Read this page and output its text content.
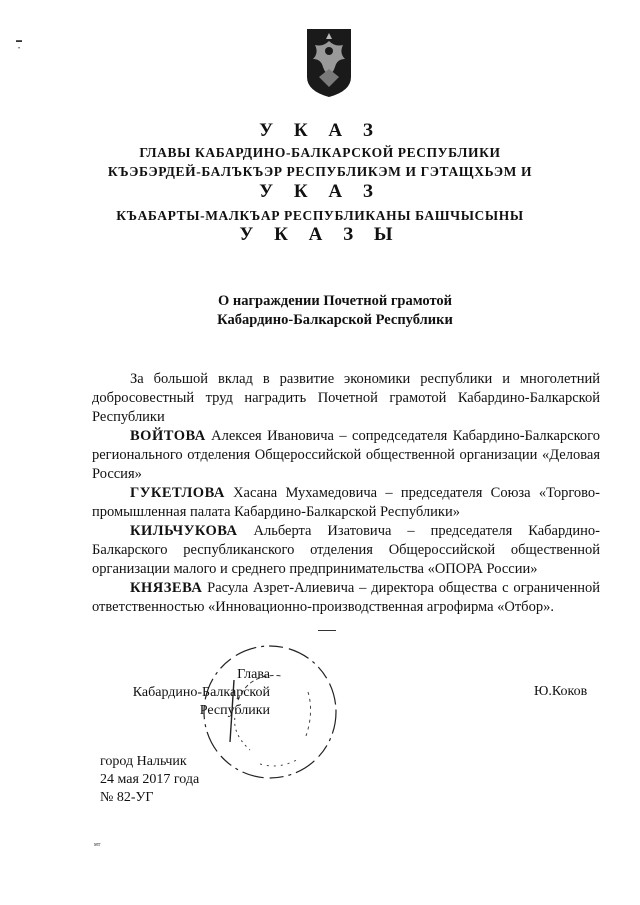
▬
•
У К А З
ГЛАВЫ КАБАРДИНО-БАЛКАРСКОЙ РЕСПУБЛИКИ
КЪЭБЭРДЕЙ-БАЛЪКЪЭР РЕСПУБЛИКЭМ И ГЭТАЩХЬЭМ И
У К А З
КЪАБАРТЫ-МАЛКЪАР РЕСПУБЛИКАНЫ БАШЧЫСЫНЫ
У К А З Ы
О награждении Почетной грамотой
Кабардино-Балкарской Республики

За большой вклад в развитие экономики республики и многолетний добросовестный труд наградить Почетной грамотой Кабардино-Балкарской Республики

ВОЙТОВА Алексея Ивановича – сопредседателя Кабардино-Балкарского регионального отделения Общероссийской общественной организации «Деловая Россия»

ГУКЕТЛОВА Хасана Мухамедовича – председателя Союза «Торгово-промышленная палата Кабардино-Балкарской Республики»

КИЛЬЧУКОВА Альберта Изатовича – председателя Кабардино-Балкарского республиканского отделения Общероссийской общественной организации малого и среднего предпринимательства «ОПОРА России»

КНЯЗЕВА Расула Азрет-Алиевича – директора общества с ограниченной ответственностью «Инновационно-производственная агрофирма «Отбор».

Глава
Кабардино-Балкарской
Республики
Ю.Коков
город Нальчик
24 мая 2017 года
№ 82-УГ
мт
